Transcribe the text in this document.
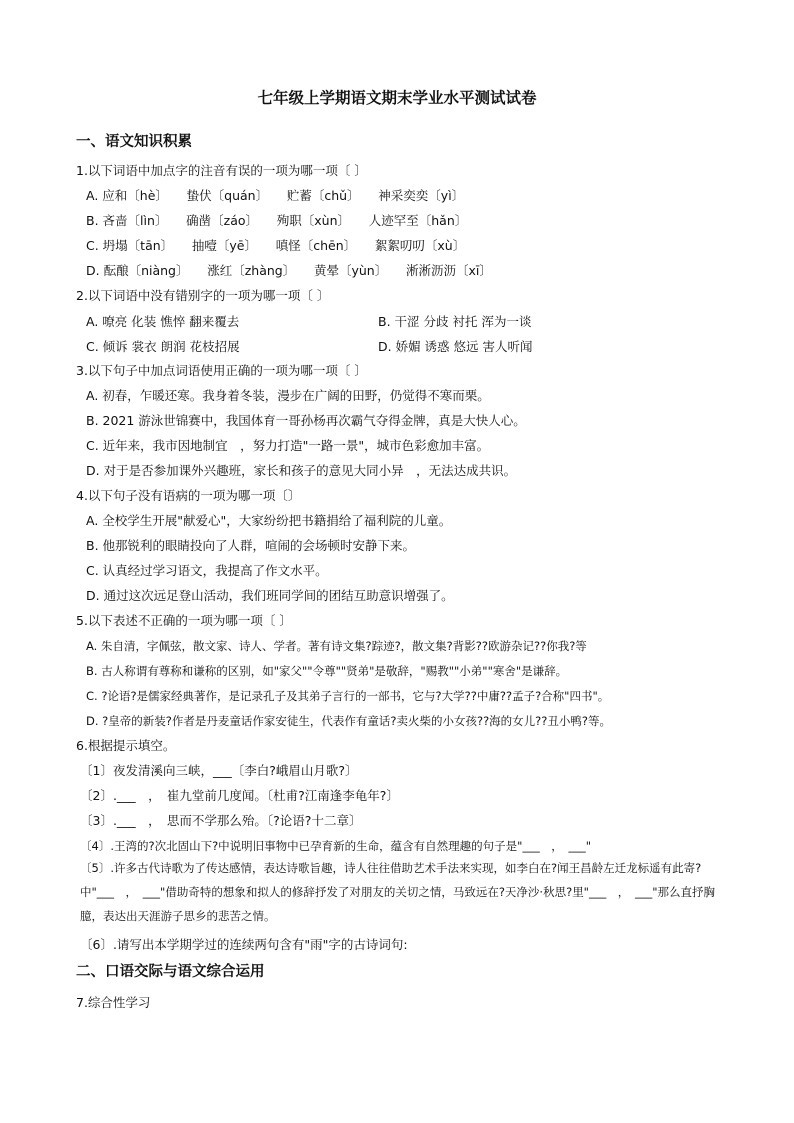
七年级上学期语文期末学业水平测试试卷
一、语文知识积累
1.以下词语中加点字的注音有误的一项为哪一项〔 〕
A. 应和〔hè〕　　蛰伏〔quán〕　　贮蓄〔chǔ〕　　神采奕奕〔yì〕
B. 吝啬〔lìn〕　　确凿〔záo〕　　殉职〔xùn〕　　人迹罕至〔hǎn〕
C. 坍塌〔tān〕　　抽噎〔yē〕　　嗔怪〔chēn〕　　絮絮叨叨〔xù〕
D. 酝酿〔niàng〕　　涨红〔zhàng〕　　黄晕〔yùn〕　　淅淅沥沥〔xī〕
2.以下词语中没有错别字的一项为哪一项〔 〕
A. 嘹亮 化装 憔悴 翻来覆去	B. 干涩 分歧 衬托 浑为一谈
C. 倾诉 裳衣 朗润 花枝招展	D. 娇媚 诱惑 悠远 害人听闻
3.以下句子中加点词语使用正确的一项为哪一项〔 〕
A. 初春，乍暖还寒。我身着冬装，漫步在广阔的田野，仍觉得不寒而栗。
B. 2021 游泳世锦赛中，我国体育一哥孙杨再次霸气夺得金牌，真是大快人心。
C. 近年来，我市因地制宜　，努力打造"一路一景"，城市色彩愈加丰富。
D. 对于是否参加课外兴趣班，家长和孩子的意见大同小异　，无法达成共识。
4.以下句子没有语病的一项为哪一项〔〕
A. 全校学生开展"献爱心"，大家纷纷把书籍捐给了福利院的儿童。
B. 他那锐利的眼睛投向了人群，喧闹的会场顿时安静下来。
C. 认真经过学习语文，我提高了作文水平。
D. 通过这次远足登山活动，我们班同学间的团结互助意识增强了。
5.以下表述不正确的一项为哪一项〔 〕
A. 朱自清，字佩弦，散文家、诗人、学者。著有诗文集?踪迹?，散文集?背影??欧游杂记??你我?等
B. 古人称谓有尊称和谦称的区别，如"家父""令尊""贤弟"是敬辞，"赐教""小弟""寒舍"是谦辞。
C. ?论语?是儒家经典著作，是记录孔子及其弟子言行的一部书，它与?大学??中庸??孟子?合称"四书"。
D. ?皇帝的新装?作者是丹麦童话作家安徒生，代表作有童话?卖火柴的小女孩??海的女儿??丑小鸭?等。
6.根据提示填空。
〔1〕夜发清溪向三峡，___〔李白?峨眉山月歌?〕
〔2〕.___　，　崔九堂前几度闻。〔杜甫?江南逢李龟年?〕
〔3〕.___　，　思而不学那么殆。〔?论语?十二章〕
〔4〕.王湾的?次北固山下?中说明旧事物中已孕育新的生命，蕴含有自然理趣的句子是"___　，　___"
〔5〕.许多古代诗歌为了传达感情，表达诗歌旨趣，诗人往往借助艺术手法来实现，如李白在?闻王昌龄左迁龙标遥有此寄?中"___　，　___"借助奇特的想象和拟人的修辞抒发了对朋友的关切之情，马致远在?天净沙·秋思?里"___　，　___"那么直抒胸臆，表达出天涯游子思乡的悲苦之情。
〔6〕.请写出本学期学过的连续两句含有"雨"字的古诗词句:
二、口语交际与语文综合运用
7.综合性学习
